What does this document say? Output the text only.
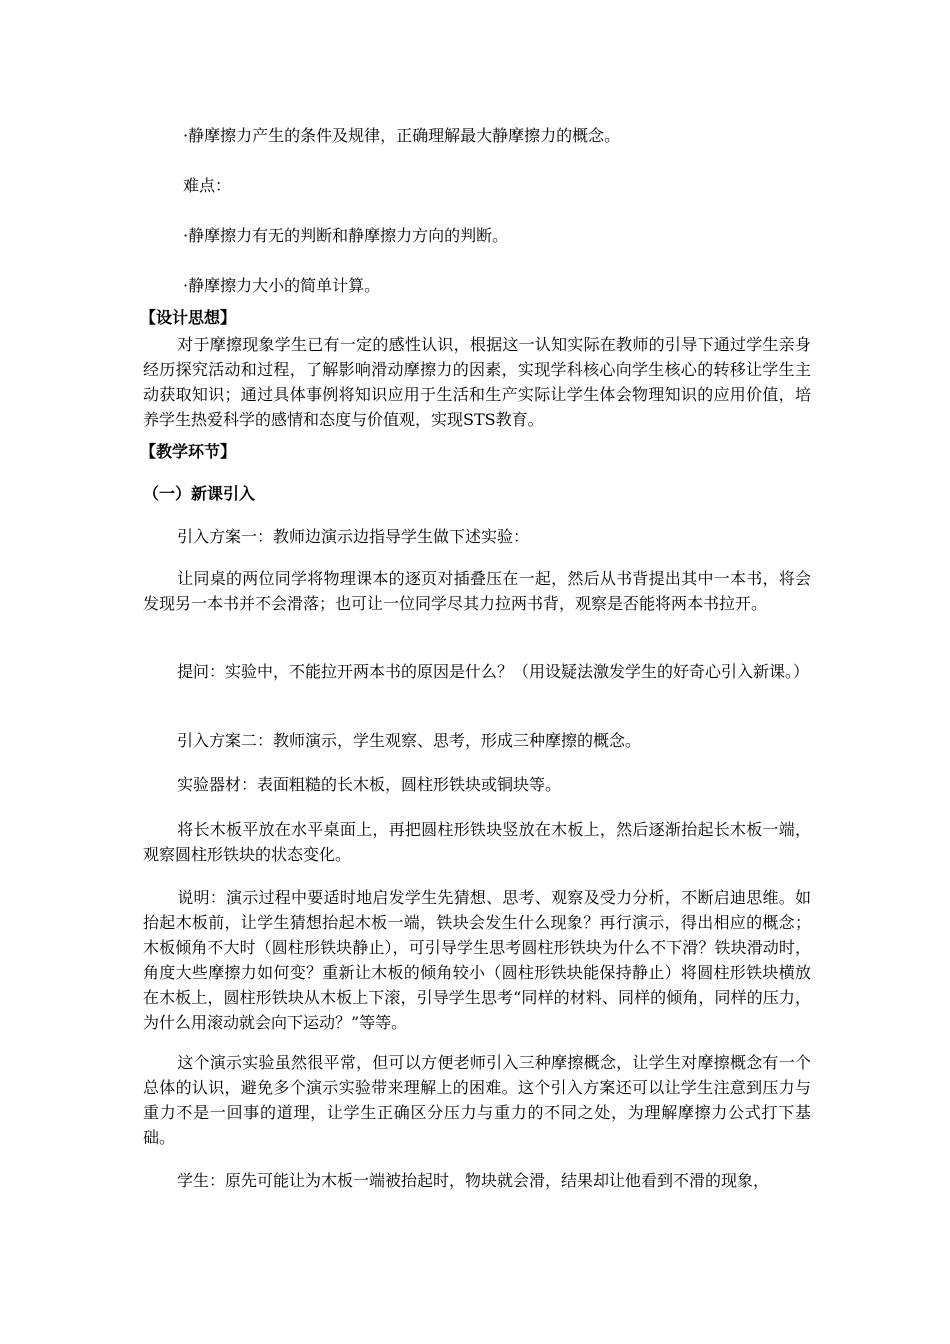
·静摩擦力产生的条件及规律，正确理解最大静摩擦力的概念。
难点：
·静摩擦力有无的判断和静摩擦力方向的判断。
·静摩擦力大小的简单计算。
【设计思想】
对于摩擦现象学生已有一定的感性认识，根据这一认知实际在教师的引导下通过学生亲身经历探究活动和过程，了解影响滑动摩擦力的因素，实现学科核心向学生核心的转移让学生主动获取知识；通过具体事例将知识应用于生活和生产实际让学生体会物理知识的应用价值，培养学生热爱科学的感情和态度与价值观，实现STS教育。
【教学环节】
（一）新课引入
引入方案一：教师边演示边指导学生做下述实验：
让同桌的两位同学将物理课本的逐页对插叠压在一起，然后从书背提出其中一本书，将会发现另一本书并不会滑落；也可让一位同学尽其力拉两书背，观察是否能将两本书拉开。
提问：实验中，不能拉开两本书的原因是什么？（用设疑法激发学生的好奇心引入新课。）
引入方案二：教师演示，学生观察、思考，形成三种摩擦的概念。
实验器材：表面粗糙的长木板，圆柱形铁块或铜块等。
将长木板平放在水平桌面上，再把圆柱形铁块竖放在木板上，然后逐渐抬起长木板一端，观察圆柱形铁块的状态变化。
说明：演示过程中要适时地启发学生先猜想、思考、观察及受力分析，不断启迪思维。如抬起木板前，让学生猜想抬起木板一端，铁块会发生什么现象？再行演示，得出相应的概念；木板倾角不大时（圆柱形铁块静止），可引导学生思考圆柱形铁块为什么不下滑？铁块滑动时，角度大些摩擦力如何变？重新让木板的倾角较小（圆柱形铁块能保持静止）将圆柱形铁块横放在木板上，圆柱形铁块从木板上下滚，引导学生思考“同样的材料、同样的倾角，同样的压力，为什么用滚动就会向下运动？”等等。
这个演示实验虽然很平常，但可以方便老师引入三种摩擦概念，让学生对摩擦概念有一个总体的认识，避免多个演示实验带来理解上的困难。这个引入方案还可以让学生注意到压力与重力不是一回事的道理，让学生正确区分压力与重力的不同之处，为理解摩擦力公式打下基础。
学生：原先可能让为木板一端被抬起时，物块就会滑，结果却让他看到不滑的现象，
